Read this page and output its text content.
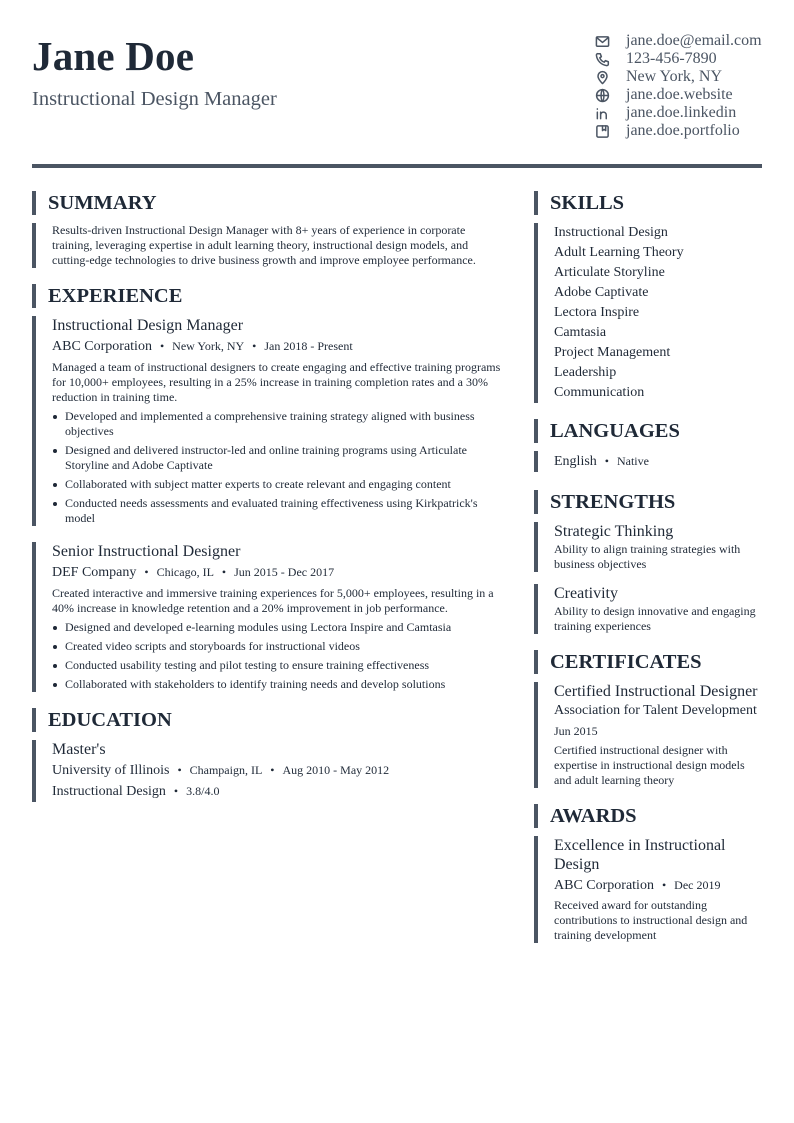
Jane Doe
Instructional Design Manager
jane.doe@email.com
123-456-7890
New York, NY
jane.doe.website
jane.doe.linkedin
jane.doe.portfolio
SUMMARY
Results-driven Instructional Design Manager with 8+ years of experience in corporate training, leveraging expertise in adult learning theory, instructional design models, and cutting-edge technologies to drive business growth and improve employee performance.
EXPERIENCE
Instructional Design Manager
ABC Corporation • New York, NY • Jan 2018 - Present
Managed a team of instructional designers to create engaging and effective training programs for 10,000+ employees, resulting in a 25% increase in training completion rates and a 30% reduction in training time.
Developed and implemented a comprehensive training strategy aligned with business objectives
Designed and delivered instructor-led and online training programs using Articulate Storyline and Adobe Captivate
Collaborated with subject matter experts to create relevant and engaging content
Conducted needs assessments and evaluated training effectiveness using Kirkpatrick's model
Senior Instructional Designer
DEF Company • Chicago, IL • Jun 2015 - Dec 2017
Created interactive and immersive training experiences for 5,000+ employees, resulting in a 40% increase in knowledge retention and a 20% improvement in job performance.
Designed and developed e-learning modules using Lectora Inspire and Camtasia
Created video scripts and storyboards for instructional videos
Conducted usability testing and pilot testing to ensure training effectiveness
Collaborated with stakeholders to identify training needs and develop solutions
EDUCATION
Master's
University of Illinois • Champaign, IL • Aug 2010 - May 2012
Instructional Design • 3.8/4.0
SKILLS
Instructional Design
Adult Learning Theory
Articulate Storyline
Adobe Captivate
Lectora Inspire
Camtasia
Project Management
Leadership
Communication
LANGUAGES
English • Native
STRENGTHS
Strategic Thinking
Ability to align training strategies with business objectives
Creativity
Ability to design innovative and engaging training experiences
CERTIFICATES
Certified Instructional Designer
Association for Talent Development
Jun 2015
Certified instructional designer with expertise in instructional design models and adult learning theory
AWARDS
Excellence in Instructional Design
ABC Corporation • Dec 2019
Received award for outstanding contributions to instructional design and training development
